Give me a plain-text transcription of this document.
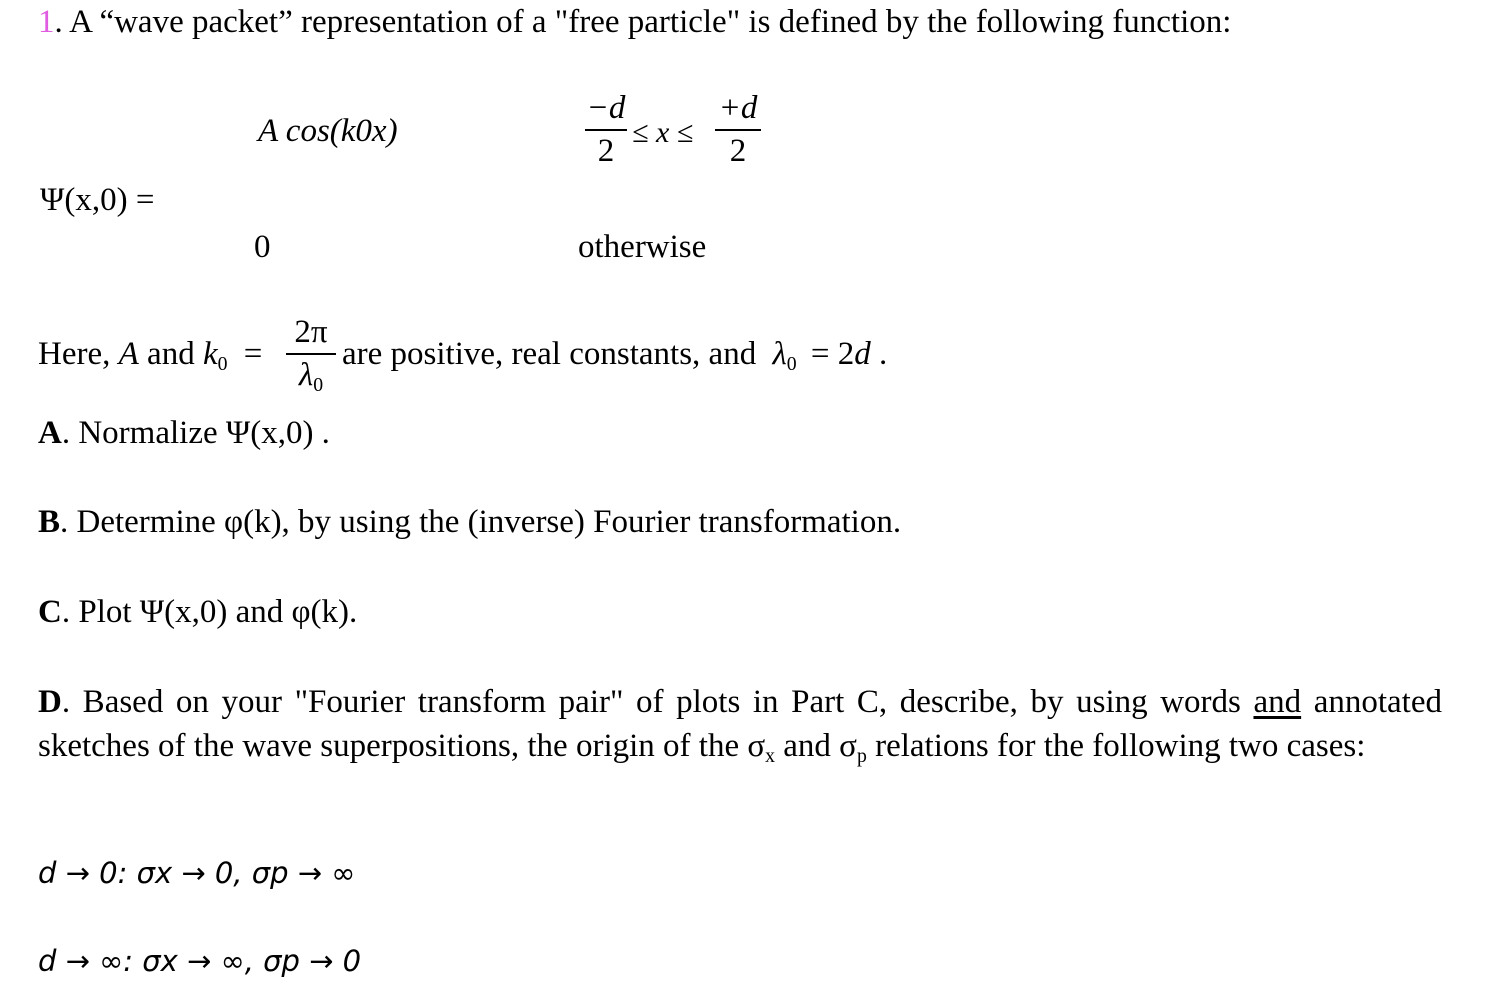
1. A “wave packet” representation of a "free particle" is defined by the following function:
Ψ(x,0) =
A cos(k0x)
−d
2
≤ x ≤
+d
2
0	otherwise
Here, A and $k_0$ =
2π
$\lambda_0$
are positive, real constants, and $\lambda_0 = 2d$ .
A. Normalize Ψ(x,0) .
B. Determine φ(k), by using the (inverse) Fourier transformation.
C. Plot Ψ(x,0) and φ(k).
D. Based on your "Fourier transform pair" of plots in Part C, describe, by using words and annotated sketches of the wave superpositions, the origin of the $\sigma_x$ and $\sigma_p$ relations for the following two cases:
d → 0: σx → 0, σp → ∞
d → ∞: σx → ∞, σp → 0
